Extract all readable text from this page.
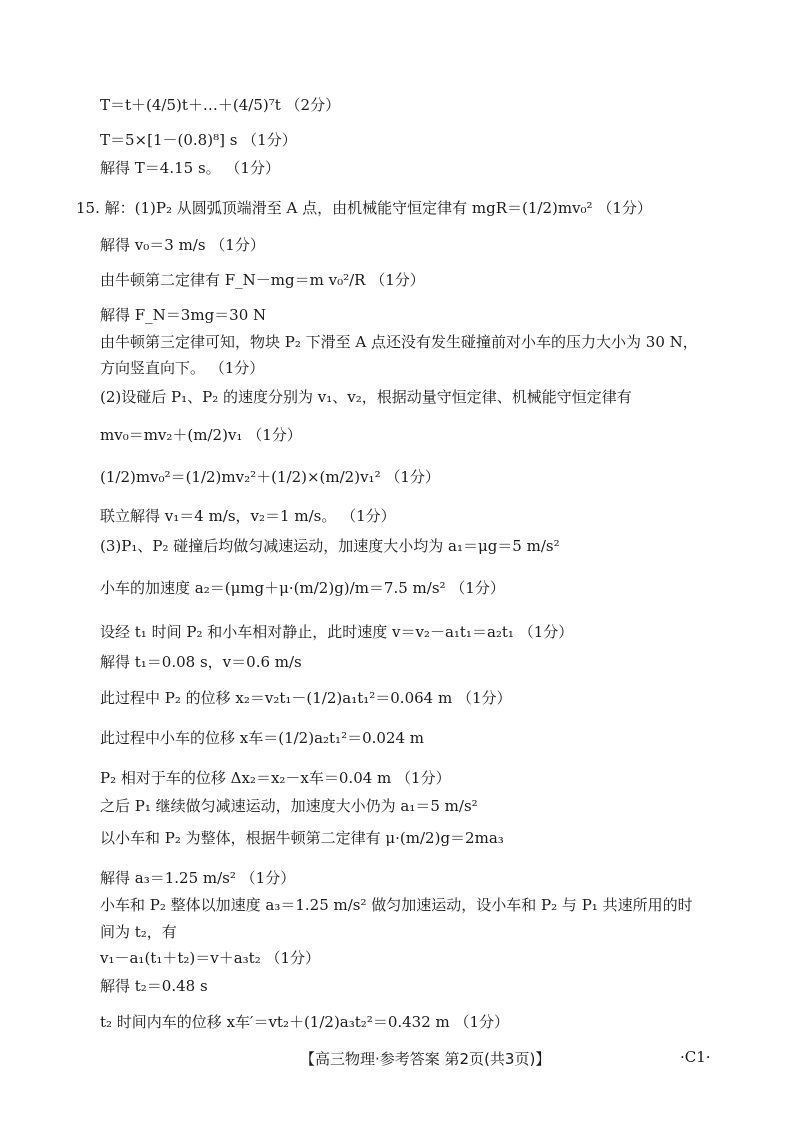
T＝t＋(4/5)t＋…＋(4/5)⁷t （2分）
T＝5×[1－(0.8)⁸] s （1分）
解得 T＝4.15 s。 （1分）
15. 解：(1)P₂ 从圆弧顶端滑至 A 点，由机械能守恒定律有 mgR＝(1/2)mv₀² （1分）
解得 v₀＝3 m/s （1分）
由牛顿第二定律有 F_N－mg＝m v₀²/R （1分）
解得 F_N＝3mg＝30 N
由牛顿第三定律可知，物块 P₂ 下滑至 A 点还没有发生碰撞前对小车的压力大小为 30 N，
方向竖直向下。 （1分）
(2)设碰后 P₁、P₂ 的速度分别为 v₁、v₂，根据动量守恒定律、机械能守恒定律有
mv₀＝mv₂＋(m/2)v₁ （1分）
(1/2)mv₀²＝(1/2)mv₂²＋(1/2)×(m/2)v₁² （1分）
联立解得 v₁＝4 m/s，v₂＝1 m/s。 （1分）
(3)P₁、P₂ 碰撞后均做匀减速运动，加速度大小均为 a₁＝μg＝5 m/s²
小车的加速度 a₂＝(μmg＋μ·(m/2)g)/m＝7.5 m/s² （1分）
设经 t₁ 时间 P₂ 和小车相对静止，此时速度 v＝v₂－a₁t₁＝a₂t₁ （1分）
解得 t₁＝0.08 s，v＝0.6 m/s
此过程中 P₂ 的位移 x₂＝v₂t₁－(1/2)a₁t₁²＝0.064 m （1分）
此过程中小车的位移 x车＝(1/2)a₂t₁²＝0.024 m
P₂ 相对于车的位移 Δx₂＝x₂－x车＝0.04 m （1分）
之后 P₁ 继续做匀减速运动，加速度大小仍为 a₁＝5 m/s²
以小车和 P₂ 为整体，根据牛顿第二定律有 μ·(m/2)g＝2ma₃
解得 a₃＝1.25 m/s² （1分）
小车和 P₂ 整体以加速度 a₃＝1.25 m/s² 做匀加速运动，设小车和 P₂ 与 P₁ 共速所用的时
间为 t₂，有
v₁－a₁(t₁＋t₂)＝v＋a₃t₂ （1分）
解得 t₂＝0.48 s
t₂ 时间内车的位移 x车′＝vt₂＋(1/2)a₃t₂²＝0.432 m （1分）
【高三物理·参考答案 第2页(共3页)】	·C1·
